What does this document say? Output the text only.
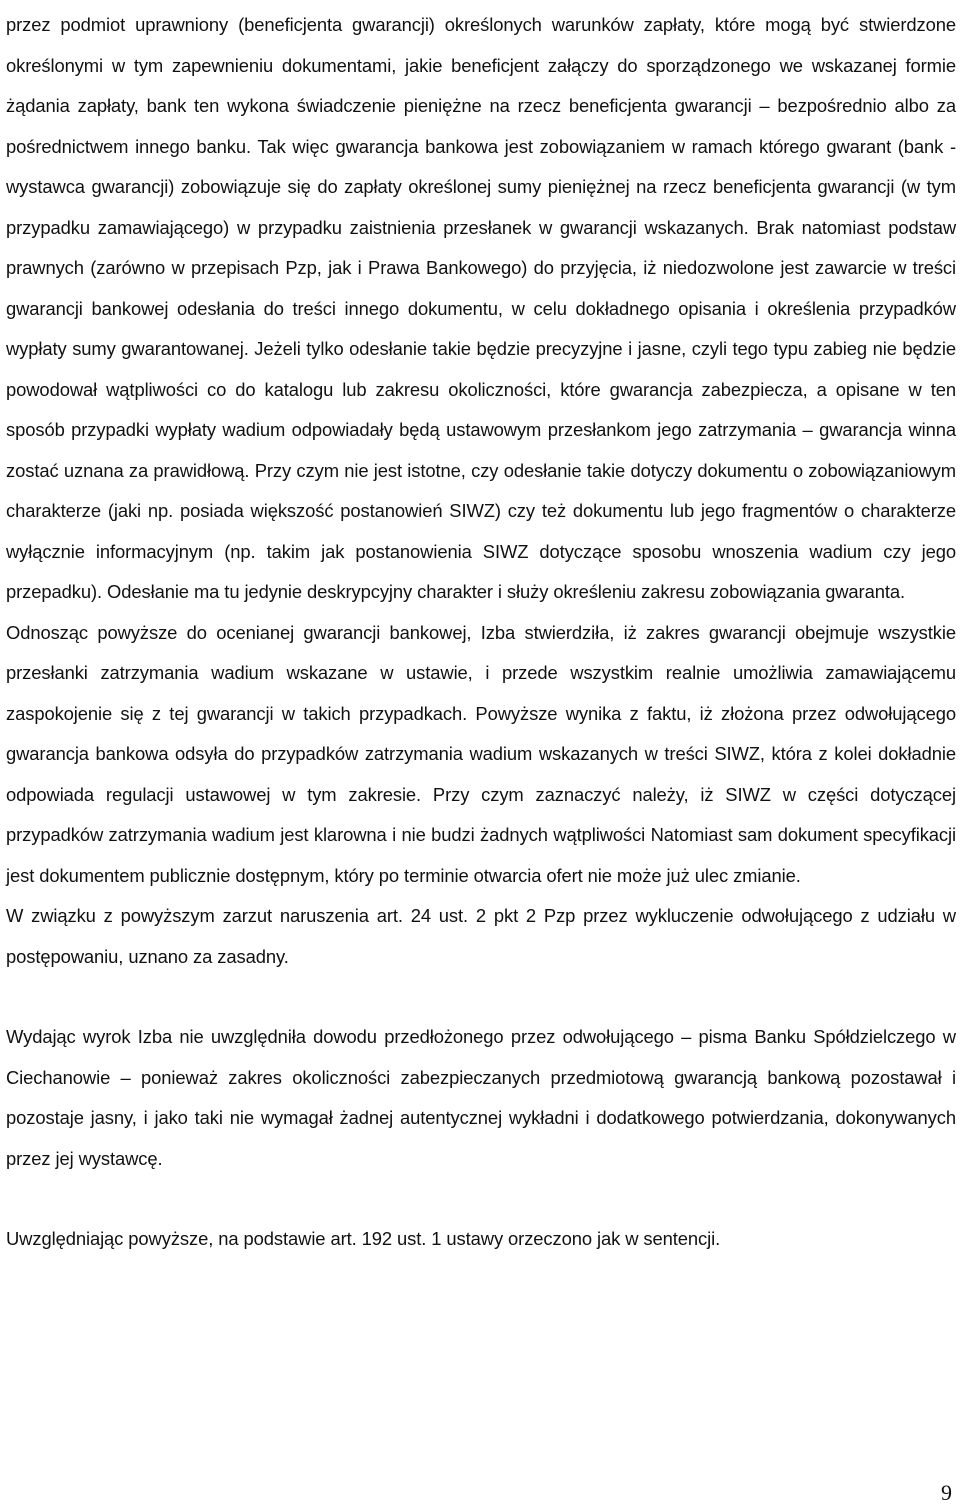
przez podmiot uprawniony (beneficjenta gwarancji) określonych warunków zapłaty, które mogą być stwierdzone określonymi w tym zapewnieniu dokumentami, jakie beneficjent załączy do sporządzonego we wskazanej formie żądania zapłaty, bank ten wykona świadczenie pieniężne na rzecz beneficjenta gwarancji – bezpośrednio albo za pośrednictwem innego banku. Tak więc gwarancja bankowa jest zobowiązaniem w ramach którego gwarant (bank - wystawca gwarancji) zobowiązuje się do zapłaty określonej sumy pieniężnej na rzecz beneficjenta gwarancji (w tym przypadku zamawiającego) w przypadku zaistnienia przesłanek w gwarancji wskazanych. Brak natomiast podstaw prawnych (zarówno w przepisach Pzp, jak i Prawa Bankowego) do przyjęcia, iż niedozwolone jest zawarcie w treści gwarancji bankowej odesłania do treści innego dokumentu, w celu dokładnego opisania i określenia przypadków wypłaty sumy gwarantowanej. Jeżeli tylko odesłanie takie będzie precyzyjne i jasne, czyli tego typu zabieg nie będzie powodował wątpliwości co do katalogu lub zakresu okoliczności, które gwarancja zabezpiecza, a opisane w ten sposób przypadki wypłaty wadium odpowiadały będą ustawowym przesłankom jego zatrzymania – gwarancja winna zostać uznana za prawidłową. Przy czym nie jest istotne, czy odesłanie takie dotyczy dokumentu o zobowiązaniowym charakterze (jaki np. posiada większość postanowień SIWZ) czy też dokumentu lub jego fragmentów o charakterze wyłącznie informacyjnym (np. takim jak postanowienia SIWZ dotyczące sposobu wnoszenia wadium czy jego przepadku). Odesłanie ma tu jedynie deskrypcyjny charakter i służy określeniu zakresu zobowiązania gwaranta.

Odnosząc powyższe do ocenianej gwarancji bankowej, Izba stwierdziła, iż zakres gwarancji obejmuje wszystkie przesłanki zatrzymania wadium wskazane w ustawie, i przede wszystkim realnie umożliwia zamawiającemu zaspokojenie się z tej gwarancji w takich przypadkach. Powyższe wynika z faktu, iż złożona przez odwołującego gwarancja bankowa odsyła do przypadków zatrzymania wadium wskazanych w treści SIWZ, która z kolei dokładnie odpowiada regulacji ustawowej w tym zakresie. Przy czym zaznaczyć należy, iż SIWZ w części dotyczącej przypadków zatrzymania wadium jest klarowna i nie budzi żadnych wątpliwości Natomiast sam dokument specyfikacji jest dokumentem publicznie dostępnym, który po terminie otwarcia ofert nie może już ulec zmianie.

W związku z powyższym zarzut naruszenia art. 24 ust. 2 pkt 2 Pzp przez wykluczenie odwołującego z udziału w postępowaniu, uznano za zasadny.

Wydając wyrok Izba nie uwzględniła dowodu przedłożonego przez odwołującego – pisma Banku Spółdzielczego w Ciechanowie – ponieważ zakres okoliczności zabezpieczanych przedmiotową gwarancją bankową pozostawał i pozostaje jasny, i jako taki nie wymagał żadnej autentycznej wykładni i dodatkowego potwierdzania, dokonywanych przez jej wystawcę.

Uwzględniając powyższe, na podstawie art. 192 ust. 1 ustawy orzeczono jak w sentencji.

9
